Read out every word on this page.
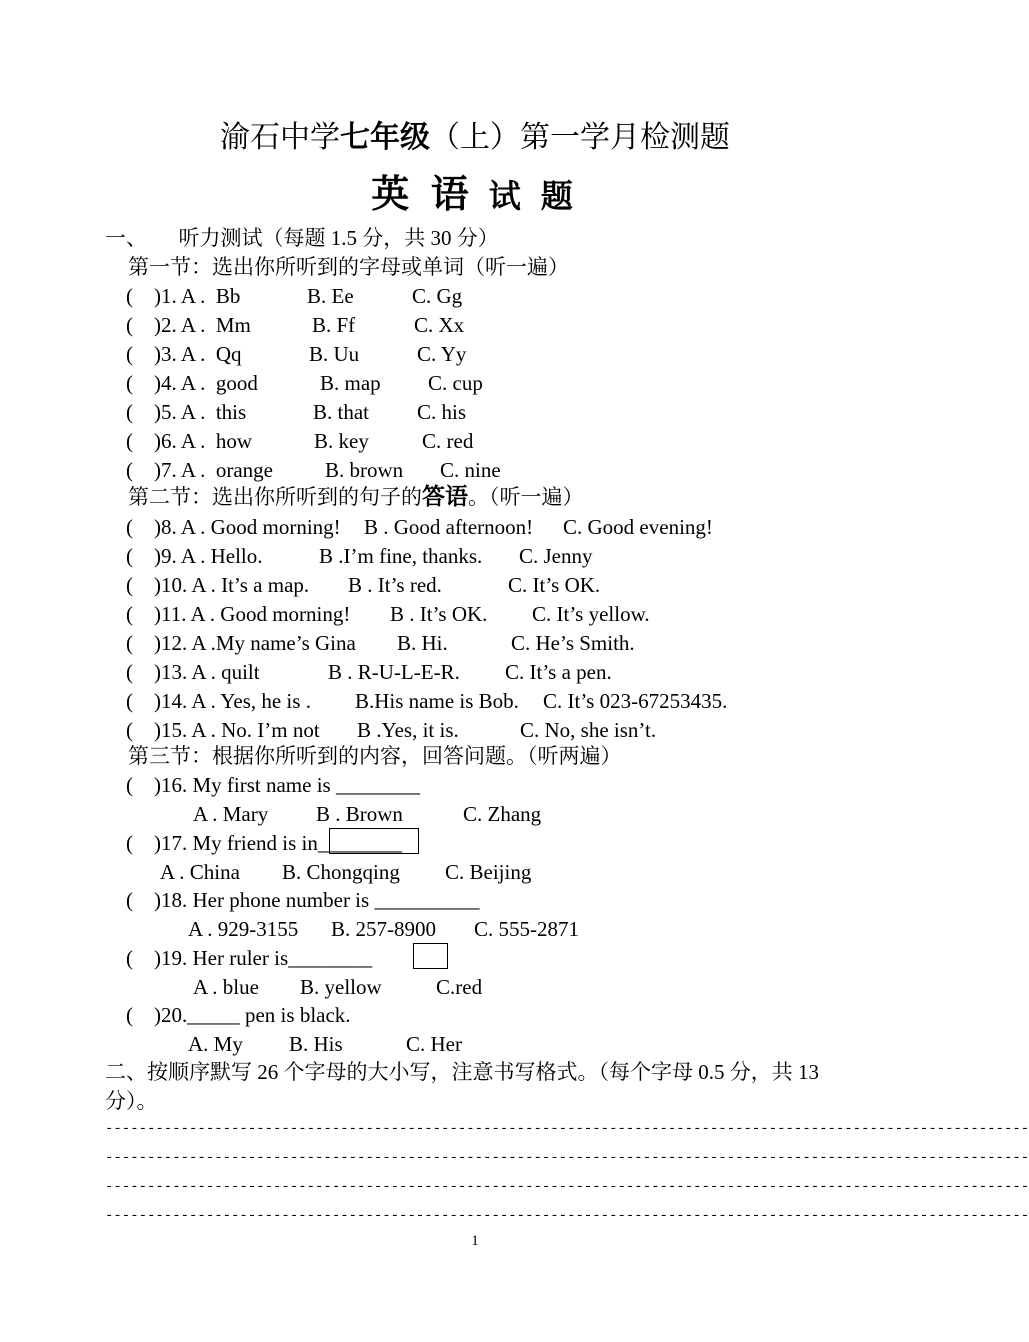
渝石中学七年级（上）第一学月检测题
英 语 试 题
一、      听力测试（每题 1.5 分，共 30 分）
第一节：选出你所听到的字母或单词（听一遍）
(    )1. A .  Bb	B. Ee	C. Gg
(    )2. A .  Mm	B. Ff	C. Xx
(    )3. A .  Qq	B. Uu	C. Yy
(    )4. A .  good	B. map C. cup
(    )5. A .  this	B. that C. his
(    )6. A .  how	B. key	C. red
(    )7. A .  orange B. brown C. nine
第二节：选出你所听到的句子的答语。（听一遍）
(    )8. A . Good morning! B . Good afternoon! C. Good evening!
(    )9. A . Hello.	B .I’m fine, thanks. C. Jenny
(    )10. A . It’s a map. B . It’s red.	C. It’s OK.
(    )11. A . Good morning! B . It’s OK. C. It’s yellow.
(    )12. A .My name’s Gina B. Hi.	C. He’s Smith.
(    )13. A . quilt	B . R-U-L-E-R. C. It’s a pen.
(    )14. A . Yes, he is . B.His name is Bob. C. It’s 023-67253435.
(    )15. A . No. I’m not B .Yes, it is.	C. No, she isn’t.
第三节：根据你所听到的内容，回答问题。（听两遍）
(    )16. My first name is ________
A . Mary B . Brown	C. Zhang
(    )17. My friend is in________
A . China B. Chongqing C. Beijing
(    )18. Her phone number is __________
A . 929-3155 B. 257-8900 C. 555-2871
(    )19. Her ruler is________
A . blue B. yellow	C.red
(    )20._____ pen is black.
A. My B. His	C. Her
二、按顺序默写 26 个字母的大小写，注意书写格式。（每个字母 0.5 分，共 13
分）。
--------------------------------------------------------------------------------------------------------------
--------------------------------------------------------------------------------------------------------------
--------------------------------------------------------------------------------------------------------------
--------------------------------------------------------------------------------------------------------------
1
